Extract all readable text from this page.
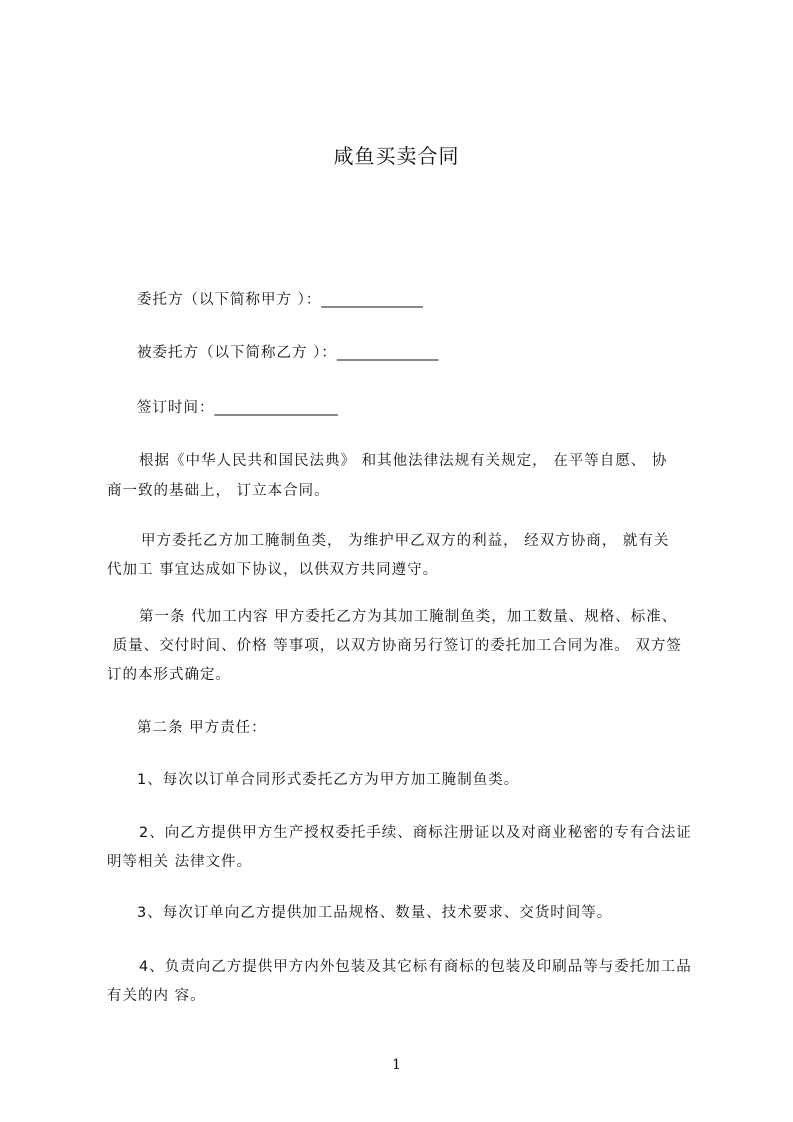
咸鱼买卖合同
委托方（以下简称甲方 ）：______________
被委托方（以下简称乙方 ）：______________
签订时间：_________________
根据《中华人民共和国民法典》 和其他法律法规有关规定， 在平等自愿、 协
商一致的基础上， 订立本合同。
甲方委托乙方加工腌制鱼类， 为维护甲乙双方的利益， 经双方协商， 就有关
代加工 事宜达成如下协议，以供双方共同遵守。
第一条 代加工内容 甲方委托乙方为其加工腌制鱼类，加工数量、规格、标准、
质量、交付时间、价格 等事项，以双方协商另行签订的委托加工合同为准。 双方签
订的本形式确定。
第二条 甲方责任：
1、每次以订单合同形式委托乙方为甲方加工腌制鱼类。
2、向乙方提供甲方生产授权委托手续、商标注册证以及对商业秘密的专有合法证
明等相关 法律文件。
3、每次订单向乙方提供加工品规格、数量、技术要求、交货时间等。
4、负责向乙方提供甲方内外包装及其它标有商标的包装及印刷品等与委托加工品
有关的内 容。
1
